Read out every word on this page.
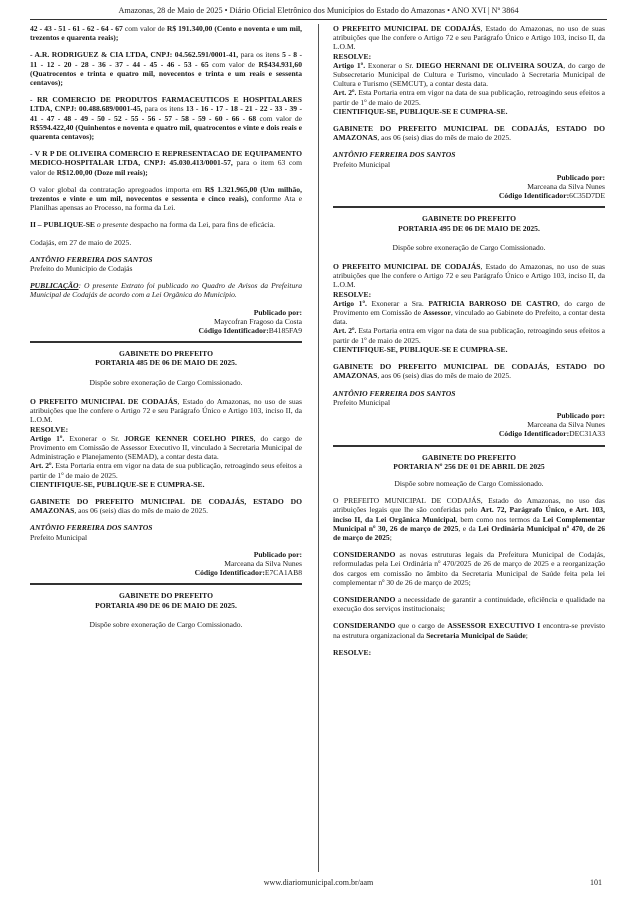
Amazonas, 28 de Maio de 2025 • Diário Oficial Eletrônico dos Municípios do Estado do Amazonas • ANO XVI | Nº 3864

42 - 43 - 51 - 61 - 62 - 64 - 67 com valor de R$ 191.340,00 (Cento e noventa e um mil, trezentos e quarenta reais);

- A.R. RODRIGUEZ & CIA LTDA, CNPJ: 04.562.591/0001-41, para os itens 5 - 8 - 11 - 12 - 20 - 28 - 36 - 37 - 44 - 45 - 46 - 53 - 65 com valor de R$434.931,60 (Quatrocentos e trinta e quatro mil, novecentos e trinta e um reais e sessenta centavos);

- RR COMERCIO DE PRODUTOS FARMACEUTICOS E HOSPITALARES LTDA, CNPJ: 00.488.689/0001-45, para os itens 13 - 16 - 17 - 18 - 21 - 22 - 33 - 39 - 41 - 47 - 48 - 49 - 50 - 52 - 55 - 56 - 57 - 58 - 59 - 60 - 66 - 68 com valor de R$594.422,40 (Quinhentos e noventa e quatro mil, quatrocentos e vinte e dois reais e quarenta centavos);

- V R P DE OLIVEIRA COMERCIO E REPRESENTACAO DE EQUIPAMENTO MEDICO-HOSPITALAR LTDA, CNPJ: 45.030.413/0001-57, para o item 63 com valor de R$12.00,00 (Doze mil reais);

O valor global da contratação apregoados importa em R$ 1.321.965,00 (Um milhão, trezentos e vinte e um mil, novecentos e sessenta e cinco reais), conforme Ata e Planilhas apensas ao Processo, na forma da Lei.

II – PUBLIQUE-SE o presente despacho na forma da Lei, para fins de eficácia.

Codajás, em 27 de maio de 2025.

ANTÔNIO FERREIRA DOS SANTOS
Prefeito do Município de Codajás

PUBLICAÇÃO: O presente Extrato foi publicado no Quadro de Avisos da Prefeitura Municipal de Codajás de acordo com a Lei Orgânica do Município.

Publicado por:
Maycofran Fragoso da Costa
Código Identificador:B4185FA9
GABINETE DO PREFEITO
PORTARIA 485 DE 06 DE MAIO DE 2025.

Dispõe sobre exoneração de Cargo Comissionado.

O PREFEITO MUNICIPAL DE CODAJÁS, Estado do Amazonas, no uso de suas atribuições que lhe confere o Artigo 72 e seu Parágrafo Único e Artigo 103, inciso II, da L.O.M.

RESOLVE:

Artigo 1º. Exonerar o Sr. JORGE KENNER COELHO PIRES, do cargo de Provimento em Comissão de Assessor Executivo II, vinculado à Secretaria Municipal de Administração e Planejamento (SEMAD), a contar desta data.

Art. 2º. Esta Portaria entra em vigor na data de sua publicação, retroagindo seus efeitos a partir de 1º de maio de 2025.

CIENTIFIQUE-SE, PUBLIQUE-SE E CUMPRA-SE.

GABINETE DO PREFEITO MUNICIPAL DE CODAJÁS, ESTADO DO AMAZONAS, aos 06 (seis) dias do mês de maio de 2025.

ANTÔNIO FERREIRA DOS SANTOS
Prefeito Municipal
Publicado por:
Marceana da Silva Nunes
Código Identificador:E7CA1AB8
GABINETE DO PREFEITO
PORTARIA 490 DE 06 DE MAIO DE 2025.

Dispõe sobre exoneração de Cargo Comissionado.

O PREFEITO MUNICIPAL DE CODAJÁS, Estado do Amazonas, no uso de suas atribuições que lhe confere o Artigo 72 e seu Parágrafo Único e Artigo 103, inciso II, da L.O.M.

RESOLVE:

Artigo 1º. Exonerar o Sr. DIEGO HERNANI DE OLIVEIRA SOUZA, do cargo de Subsecretario Municipal de Cultura e Turismo, vinculado à Secretaria Municipal de Cultura e Turismo (SEMCUT), a contar desta data.

Art. 2º. Esta Portaria entra em vigor na data de sua publicação, retroagindo seus efeitos a partir de 1º de maio de 2025.

CIENTIFIQUE-SE, PUBLIQUE-SE E CUMPRA-SE.

GABINETE DO PREFEITO MUNICIPAL DE CODAJÁS, ESTADO DO AMAZONAS, aos 06 (seis) dias do mês de maio de 2025.

ANTÔNIO FERREIRA DOS SANTOS
Prefeito Municipal
Publicado por:
Marceana da Silva Nunes
Código Identificador:6C35D7DE
GABINETE DO PREFEITO
PORTARIA 495 DE 06 DE MAIO DE 2025.

Dispõe sobre exoneração de Cargo Comissionado.

O PREFEITO MUNICIPAL DE CODAJÁS, Estado do Amazonas, no uso de suas atribuições que lhe confere o Artigo 72 e seu Parágrafo Único e Artigo 103, inciso II, da L.O.M.

RESOLVE:

Artigo 1º. Exonerar a Sra. PATRICIA BARROSO DE CASTRO, do cargo de Provimento em Comissão de Assessor, vinculado ao Gabinete do Prefeito, a contar desta data.

Art. 2º. Esta Portaria entra em vigor na data de sua publicação, retroagindo seus efeitos a partir de 1º de maio de 2025.

CIENTIFIQUE-SE, PUBLIQUE-SE E CUMPRA-SE.

GABINETE DO PREFEITO MUNICIPAL DE CODAJÁS, ESTADO DO AMAZONAS, aos 06 (seis) dias do mês de maio de 2025.

ANTÔNIO FERREIRA DOS SANTOS
Prefeito Municipal
Publicado por:
Marceana da Silva Nunes
Código Identificador:DEC31A33
GABINETE DO PREFEITO
PORTARIA Nº 256 DE 01 DE ABRIL DE 2025

Dispõe sobre nomeação de Cargo Comissionado.

O PREFEITO MUNICIPAL DE CODAJÁS, Estado do Amazonas, no uso das atribuições legais que lhe são conferidas pelo Art. 72, Parágrafo Único, e Art. 103, inciso II, da Lei Orgânica Municipal, bem como nos termos da Lei Complementar Municipal nº 30, 26 de março de 2025, e da Lei Ordinária Municipal nº 470, de 26 de março de 2025;

CONSIDERANDO as novas estruturas legais da Prefeitura Municipal de Codajás, reformuladas pela Lei Ordinária nº 470/2025 de 26 de março de 2025 e a reorganização dos cargos em comissão no âmbito da Secretaria Municipal de Saúde feita pela lei complementar nº 30 de 26 de março de 2025;

CONSIDERANDO a necessidade de garantir a continuidade, eficiência e qualidade na execução dos serviços institucionais;

CONSIDERANDO que o cargo de ASSESSOR EXECUTIVO I encontra-se previsto na estrutura organizacional da Secretaria Municipal de Saúde;

RESOLVE:
www.diariomunicipal.com.br/aam	101
